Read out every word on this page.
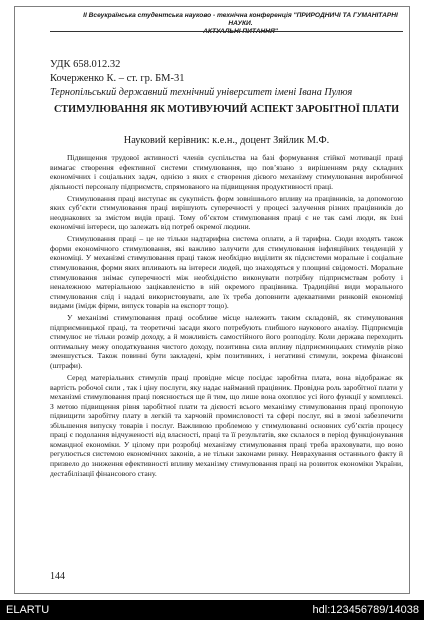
II Всеукраїнська студентська науково - технічна конференція "ПРИРОДНИЧІ ТА ГУМАНІТАРНІ НАУКИ.
АКТУАЛЬНІ ПИТАННЯ"
УДК 658.012.32
Кочерженко К. – ст. гр. БМ-31
Тернопільський державний технічний університет імені Івана Пулюя
СТИМУЛЮВАННЯ ЯК МОТИВУЮЧИЙ АСПЕКТ ЗАРОБІТНОЇ ПЛАТИ
Науковий керівник: к.е.н., доцент Зяйлик М.Ф.

Підвищення трудової активності членів суспільства на базі формування стійкої мотивації праці вимагає створення ефективної системи стимулювання, що пов’язано з вирішенням ряду складних економічних і соціальних задач, однією з яких є створення дієвого механізму стимулювання виробничої діяльності персоналу підприємств, спрямованого на підвищення продуктивності праці.

Стимулювання праці виступає як сукупність форм зовнішнього впливу на працівників, за допомогою яких суб’єкти стимулювання праці вирішують суперечності у процесі залучення різних працівників до неоднакових за змістом видів праці. Тому об’єктом стимулювання праці є не так самі люди, як їхні економічні інтереси, що залежать від потреб окремої людини.

Стимулювання праці – це не тільки надтарифна система оплати, а й тарифна. Сюди входять також форми економічного стимулювання, які важливо залучити для стимулювання інфляційних тенденцій у економіці. У механізмі стимулювання праці також необхідно виділити як підсистеми моральне і соціальне стимулювання, форми яких впливають на інтереси людей, що знаходяться у площині свідомості. Моральне стимулювання знімає суперечності між необхідністю виконувати потрібну підприємствам роботу і неналежною матеріальною зацікавленістю в ній окремого працівника. Традиційні види морального стимулювання слід і надалі використовувати, але їх треба доповнити адекватними ринковій економіці видами (імідж фірми, випуск товарів на експорт тощо).

У механізмі стимулювання праці особливе місце належить таким складовій, як стимулювання підприємницької праці, та теоретичні засади якого потребують глибшого наукового аналізу. Підприємців стимулює не тільки розмір доходу, а й можливість самостійного його розподілу. Коли держава переходить оптимальну межу оподаткування чистого доходу, позитивна сила впливу підприємницьких стимулів різко зменшується. Також повинні бути закладені, крім позитивних, і негативні стимули, зокрема фінансові (штрафи).

Серед матеріальних стимулів праці провідне місце посідає заробітна плата, вона відображає як вартість робочої сили , так і ціну послуги, яку надає найманий працівник. Провідна роль заробітної плати у механізмі стимулювання праці пояснюється ще й тим, що лише вона охоплює усі його функції у комплексі. З метою підвищення рівня заробітної плати та дієвості всього механізму стимулювання праці пропоную підвищити заробітну плату в легкій та харчовій промисловості та сфері послуг, які в змозі забезпечити збільшення випуску товарів і послуг. Важливою проблемою у стимулюванні основних суб’єктів процесу праці є подолання відчуженості від власності, праці та її результатів, яке склалося в період функціонування командної економіки. У цілому при розробці механізму стимулювання праці треба враховувати, що воно регулюється системою економічних законів, а не тільки законами ринку. Неврахування останнього факту й призвело до зниження ефективності впливу механізму стимулювання праці на розвиток економіки України, дестабілізації фінансового стану.

144
ELARTU	hdl:123456789/14038
